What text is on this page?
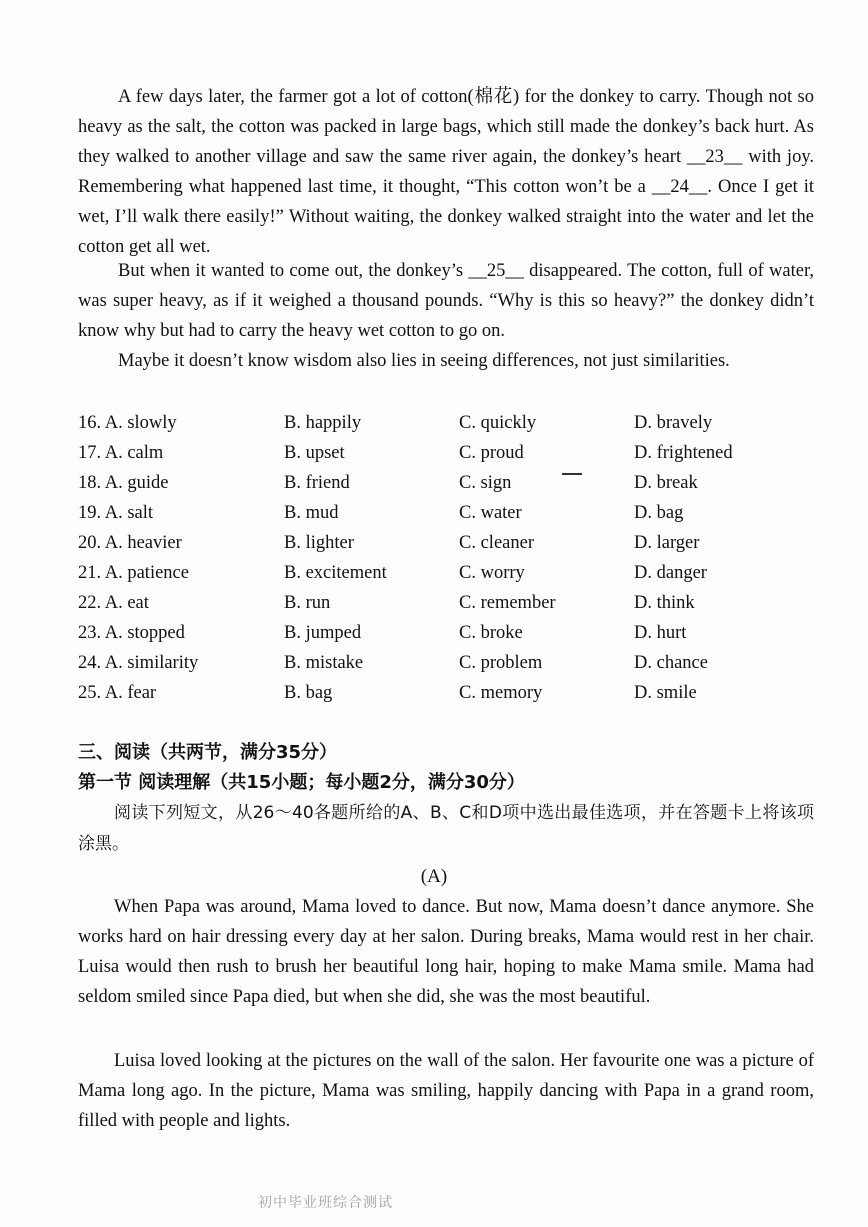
A few days later, the farmer got a lot of cotton(棉花) for the donkey to carry. Though not so heavy as the salt, the cotton was packed in large bags, which still made the donkey’s back hurt. As they walked to another village and saw the same river again, the donkey’s heart __23__ with joy. Remembering what happened last time, it thought, “This cotton won’t be a __24__. Once I get it wet, I’ll walk there easily!” Without waiting, the donkey walked straight into the water and let the cotton get all wet.

But when it wanted to come out, the donkey’s __25__ disappeared. The cotton, full of water, was super heavy, as if it weighed a thousand pounds. “Why is this so heavy?” the donkey didn’t know why but had to carry the heavy wet cotton to go on.

Maybe it doesn’t know wisdom also lies in seeing differences, not just similarities.

16. A. slowly	B. happily	C. quickly	D. bravely
17. A. calm	B. upset	C. proud	D. frightened
18. A. guide	B. friend	C. sign	D. break
19. A. salt	B. mud	C. water	D. bag
20. A. heavier	B. lighter	C. cleaner	D. larger
21. A. patience	B. excitement	C. worry	D. danger
22. A. eat	B. run	C. remember	D. think
23. A. stopped	B. jumped	C. broke	D. hurt
24. A. similarity	B. mistake	C. problem	D. chance
25. A. fear	B. bag	C. memory	D. smile
三、阅读（共两节，满分35分）
第一节 阅读理解（共15小题；每小题2分，满分30分）

阅读下列短文，从26～40各题所给的A、B、C和D项中选出最佳选项，并在答题卡上将该项涂黑。

(A)

When Papa was around, Mama loved to dance. But now, Mama doesn’t dance anymore. She works hard on hair dressing every day at her salon. During breaks, Mama would rest in her chair. Luisa would then rush to brush her beautiful long hair, hoping to make Mama smile. Mama had seldom smiled since Papa died, but when she did, she was the most beautiful.

Luisa loved looking at the pictures on the wall of the salon. Her favourite one was a picture of Mama long ago. In the picture, Mama was smiling, happily dancing with Papa in a grand room, filled with people and lights.

初中毕业班综合测试
